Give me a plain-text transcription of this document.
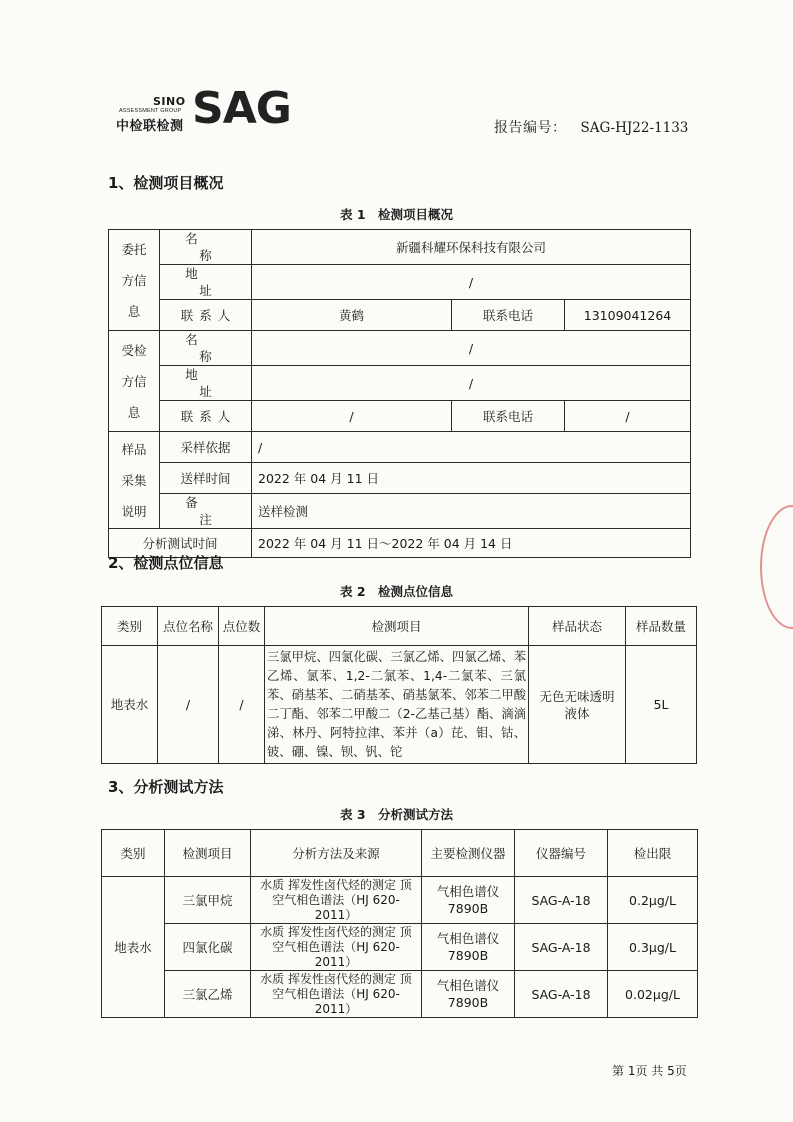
SINO
ASSESSMENT GROUP
中检联检测 SAG	报告编号： SAG-HJ22-1133
1、检测项目概况
表 1　检测项目概况
委托
方信
息	名　称	新疆科耀环保科技有限公司		
	地　址	/		
	联系人	黄鹤	联系电话	13109041264

受检
方信
息	名　称	/		
	地　址	/		
	联系人	/	联系电话	/

样品
采集
说明	采样依据	/		
	送样时间	2022 年 04 月 11 日		
	备　注	送样检测		
分析测试时间		2022 年 04 月 11 日～2022 年 04 月 14 日		
2、检测点位信息
表 2　检测点位信息
类别	点位名称	点位数	检测项目	样品状态	样品数量
地表水	/	/	三氯甲烷、四氯化碳、三氯乙烯、四氯乙烯、苯乙烯、氯苯、1,2-二氯苯、1,4-二氯苯、三氯苯、硝基苯、二硝基苯、硝基氯苯、邻苯二甲酸二丁酯、邻苯二甲酸二（2-乙基己基）酯、滴滴涕、林丹、阿特拉津、苯并（a）芘、钼、钴、铍、硼、镍、钡、钒、铊	无色无味透明液体	5L
3、分析测试方法
表 3　分析测试方法
类别	检测项目	分析方法及来源	主要检测仪器	仪器编号	检出限
地表水	三氯甲烷	水质 挥发性卤代烃的测定 顶空气相色谱法（HJ 620-2011）	气相色谱仪 7890B	SAG-A-18	0.2μg/L
	四氯化碳	水质 挥发性卤代烃的测定 顶空气相色谱法（HJ 620-2011）	气相色谱仪 7890B	SAG-A-18	0.3μg/L
	三氯乙烯	水质 挥发性卤代烃的测定 顶空气相色谱法（HJ 620-2011）	气相色谱仪 7890B	SAG-A-18	0.02μg/L
第 1页 共 5页
